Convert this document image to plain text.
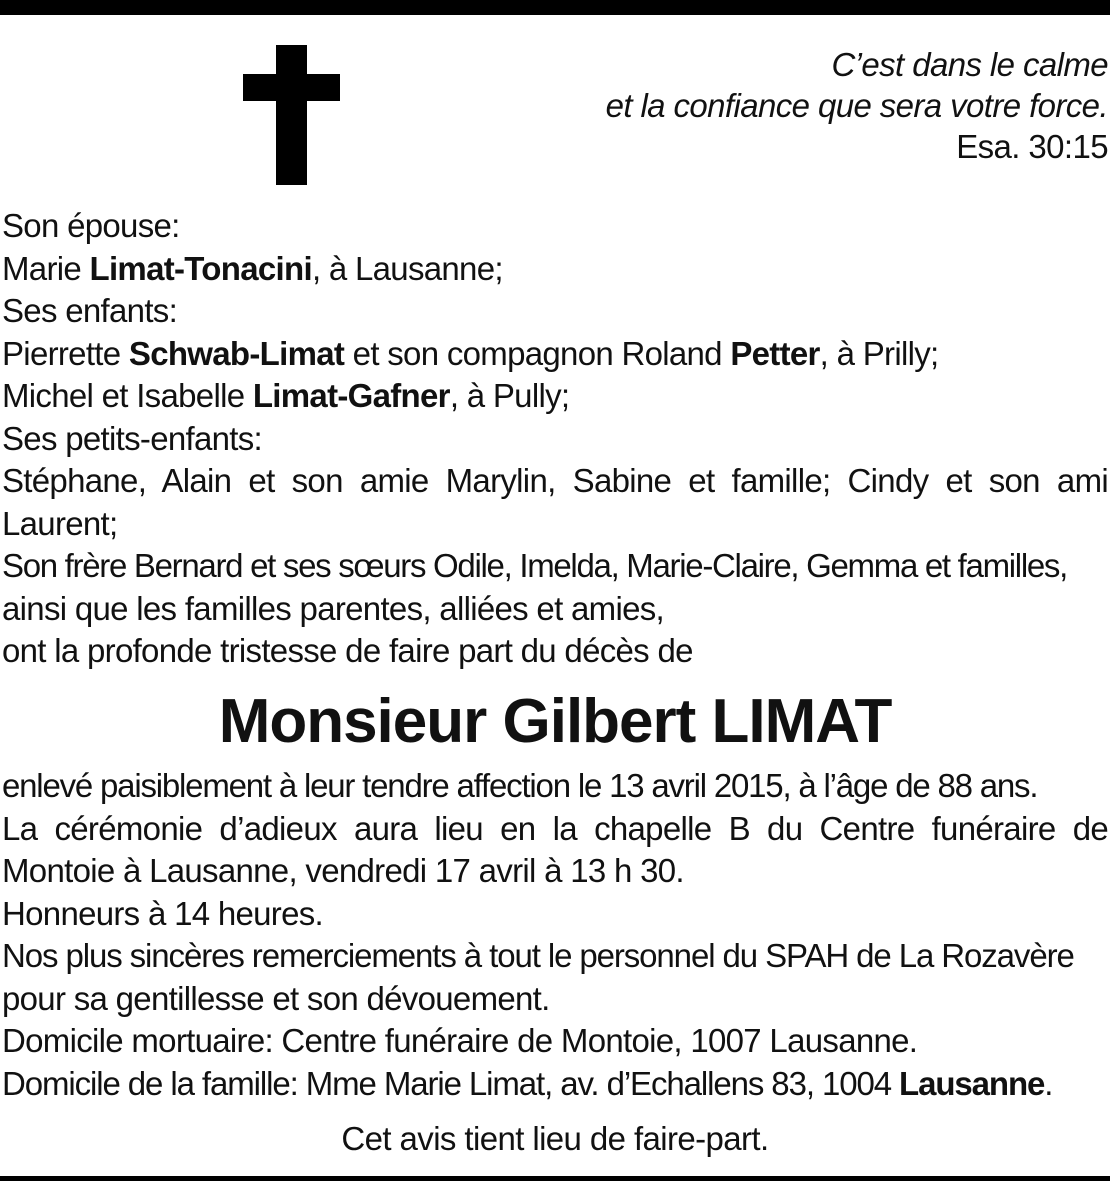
C’est dans le calme
et la confiance que sera votre force.
Esa. 30:15
Son épouse:
Marie Limat-Tonacini, à Lausanne;
Ses enfants:
Pierrette Schwab-Limat et son compagnon Roland Petter, à Prilly;
Michel et Isabelle Limat-Gafner, à Pully;
Ses petits-enfants:
Stéphane, Alain et son amie Marylin, Sabine et famille; Cindy et son ami
Laurent;
Son frère Bernard et ses sœurs Odile, Imelda, Marie-Claire, Gemma et familles,
ainsi que les familles parentes, alliées et amies,
ont la profonde tristesse de faire part du décès de
Monsieur Gilbert LIMAT
enlevé paisiblement à leur tendre affection le 13 avril 2015, à l’âge de 88 ans.
La cérémonie d’adieux aura lieu en la chapelle B du Centre funéraire de
Montoie à Lausanne, vendredi 17 avril à 13 h 30.
Honneurs à 14 heures.
Nos plus sincères remerciements à tout le personnel du SPAH de La Rozavère
pour sa gentillesse et son dévouement.
Domicile mortuaire: Centre funéraire de Montoie, 1007 Lausanne.
Domicile de la famille: Mme Marie Limat, av. d’Echallens 83, 1004 Lausanne.
Cet avis tient lieu de faire-part.
